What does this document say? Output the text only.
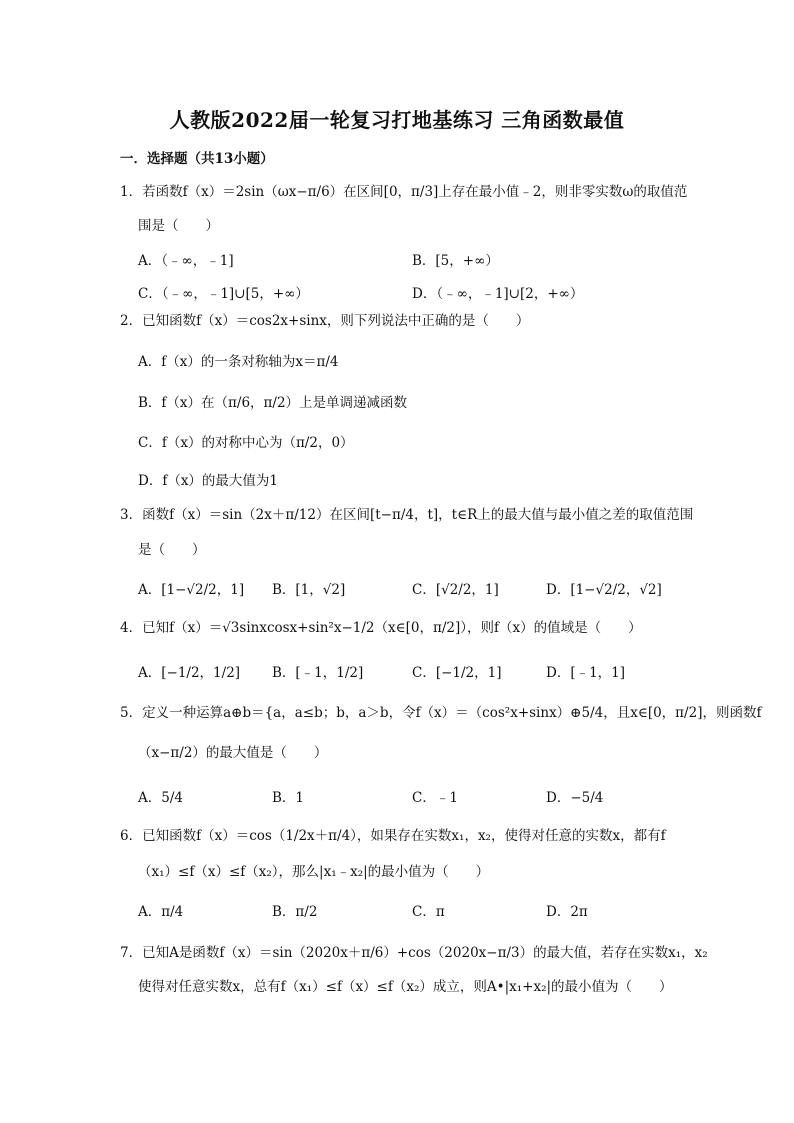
人教版2022届一轮复习打地基练习 三角函数最值
一．选择题（共13小题）
1．若函数f（x）＝2sin（ωx−π/6）在区间[0，π/3]上存在最小值﹣2，则非零实数ω的取值范
围是（　　）
A．（﹣∞，﹣1]	B．[5，+∞）
C．（﹣∞，﹣1]∪[5，+∞）	D．（﹣∞，﹣1]∪[2，+∞）
2．已知函数f（x）＝cos2x+sinx，则下列说法中正确的是（　　）
A．f（x）的一条对称轴为x＝π/4
B．f（x）在（π/6，π/2）上是单调递减函数
C．f（x）的对称中心为（π/2，0）
D．f（x）的最大值为1
3．函数f（x）＝sin（2x＋π/12）在区间[t−π/4，t]，t∈R上的最大值与最小值之差的取值范围
是（　　）
A．[1−√2/2，1] B．[1，√2]	C．[√2/2，1]	D．[1−√2/2，√2]
4．已知f（x）＝√3sinxcosx+sin²x−1/2（x∈[0，π/2]），则f（x）的值域是（　　）
A．[−1/2，1/2] B．[﹣1，1/2]	C．[−1/2，1]	D．[﹣1，1]
5．定义一种运算a⊕b＝{a，a≤b；b，a＞b，令f（x）＝（cos²x+sinx）⊕5/4，且x∈[0，π/2]，则函数f
（x−π/2）的最大值是（　　）
A．5/4	B．1	C．﹣1	D．−5/4
6．已知函数f（x）＝cos（1/2x＋π/4），如果存在实数x₁，x₂，使得对任意的实数x，都有f
（x₁）≤f（x）≤f（x₂），那么|x₁﹣x₂|的最小值为（　　）
A．π/4	B．π/2	C．π	D．2π
7．已知A是函数f（x）＝sin（2020x＋π/6）+cos（2020x−π/3）的最大值，若存在实数x₁，x₂
使得对任意实数x，总有f（x₁）≤f（x）≤f（x₂）成立，则A•|x₁+x₂|的最小值为（　　）
